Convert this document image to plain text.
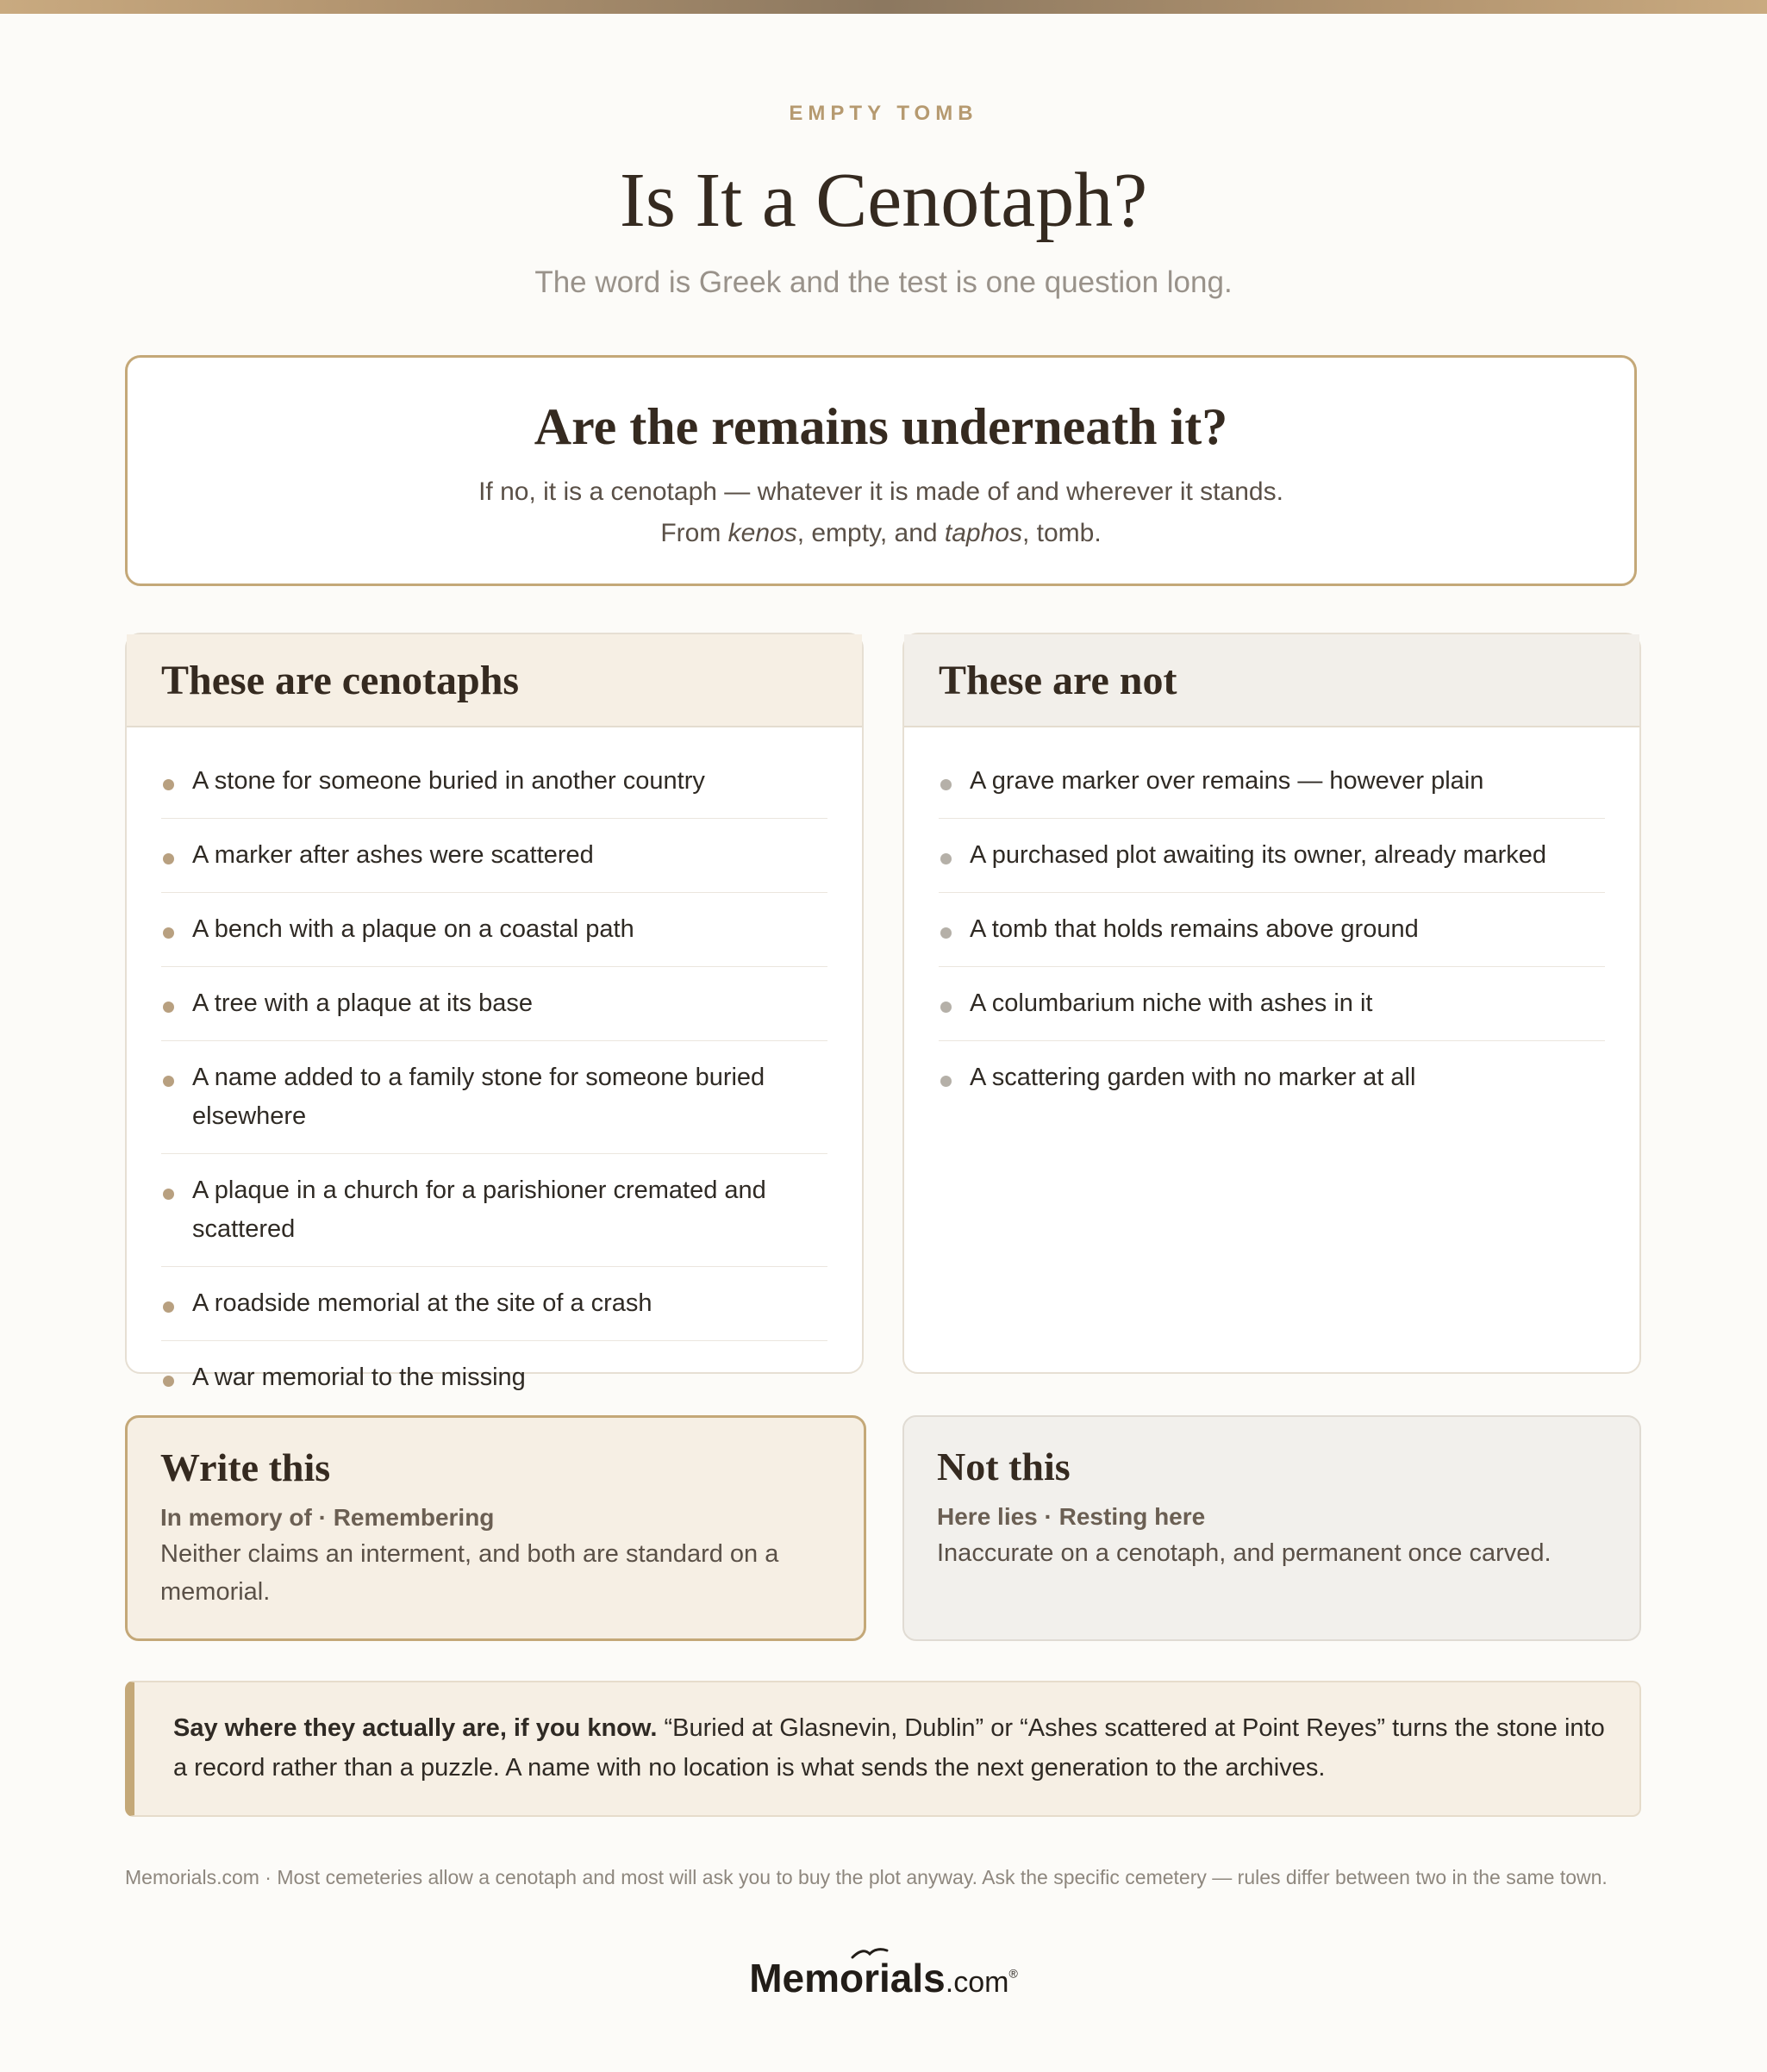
EMPTY TOMB
Is It a Cenotaph?
The word is Greek and the test is one question long.
Are the remains underneath it?
If no, it is a cenotaph — whatever it is made of and wherever it stands.
From kenos, empty, and taphos, tomb.
These are cenotaphs
A stone for someone buried in another country
A marker after ashes were scattered
A bench with a plaque on a coastal path
A tree with a plaque at its base
A name added to a family stone for someone buried elsewhere
A plaque in a church for a parishioner cremated and scattered
A roadside memorial at the site of a crash
A war memorial to the missing
These are not
A grave marker over remains — however plain
A purchased plot awaiting its owner, already marked
A tomb that holds remains above ground
A columbarium niche with ashes in it
A scattering garden with no marker at all
Write this
In memory of · Remembering
Neither claims an interment, and both are standard on a memorial.
Not this
Here lies · Resting here
Inaccurate on a cenotaph, and permanent once carved.
Say where they actually are, if you know. “Buried at Glasnevin, Dublin” or “Ashes scattered at Point Reyes” turns the stone into a record rather than a puzzle. A name with no location is what sends the next generation to the archives.
Memorials.com · Most cemeteries allow a cenotaph and most will ask you to buy the plot anyway. Ask the specific cemetery — rules differ between two in the same town.
Memorials.com®
